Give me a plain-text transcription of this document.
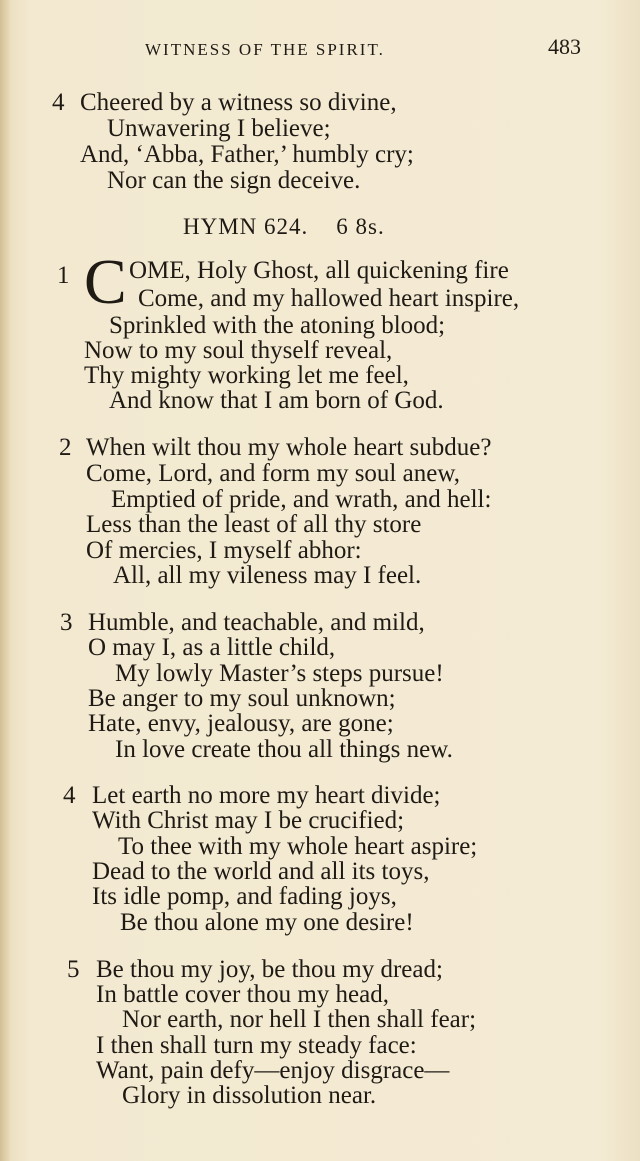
WITNESS OF THE SPIRIT.	483
4 Cheered by a witness so divine,
Unwavering I believe;
And, ‘Abba, Father,’ humbly cry;
Nor can the sign deceive.
HYMN 624. 6 8s.
1 C OME, Holy Ghost, all quickening fire
Come, and my hallowed heart inspire,
Sprinkled with the atoning blood;
Now to my soul thyself reveal,
Thy mighty working let me feel,
And know that I am born of God.
2 When wilt thou my whole heart subdue?
Come, Lord, and form my soul anew,
Emptied of pride, and wrath, and hell:
Less than the least of all thy store
Of mercies, I myself abhor:
All, all my vileness may I feel.
3 Humble, and teachable, and mild,
O may I, as a little child,
My lowly Master’s steps pursue!
Be anger to my soul unknown;
Hate, envy, jealousy, are gone;
In love create thou all things new.
4 Let earth no more my heart divide;
With Christ may I be crucified;
To thee with my whole heart aspire;
Dead to the world and all its toys,
Its idle pomp, and fading joys,
Be thou alone my one desire!
5 Be thou my joy, be thou my dread;
In battle cover thou my head,
Nor earth, nor hell I then shall fear;
I then shall turn my steady face:
Want, pain defy—enjoy disgrace—
Glory in dissolution near.
